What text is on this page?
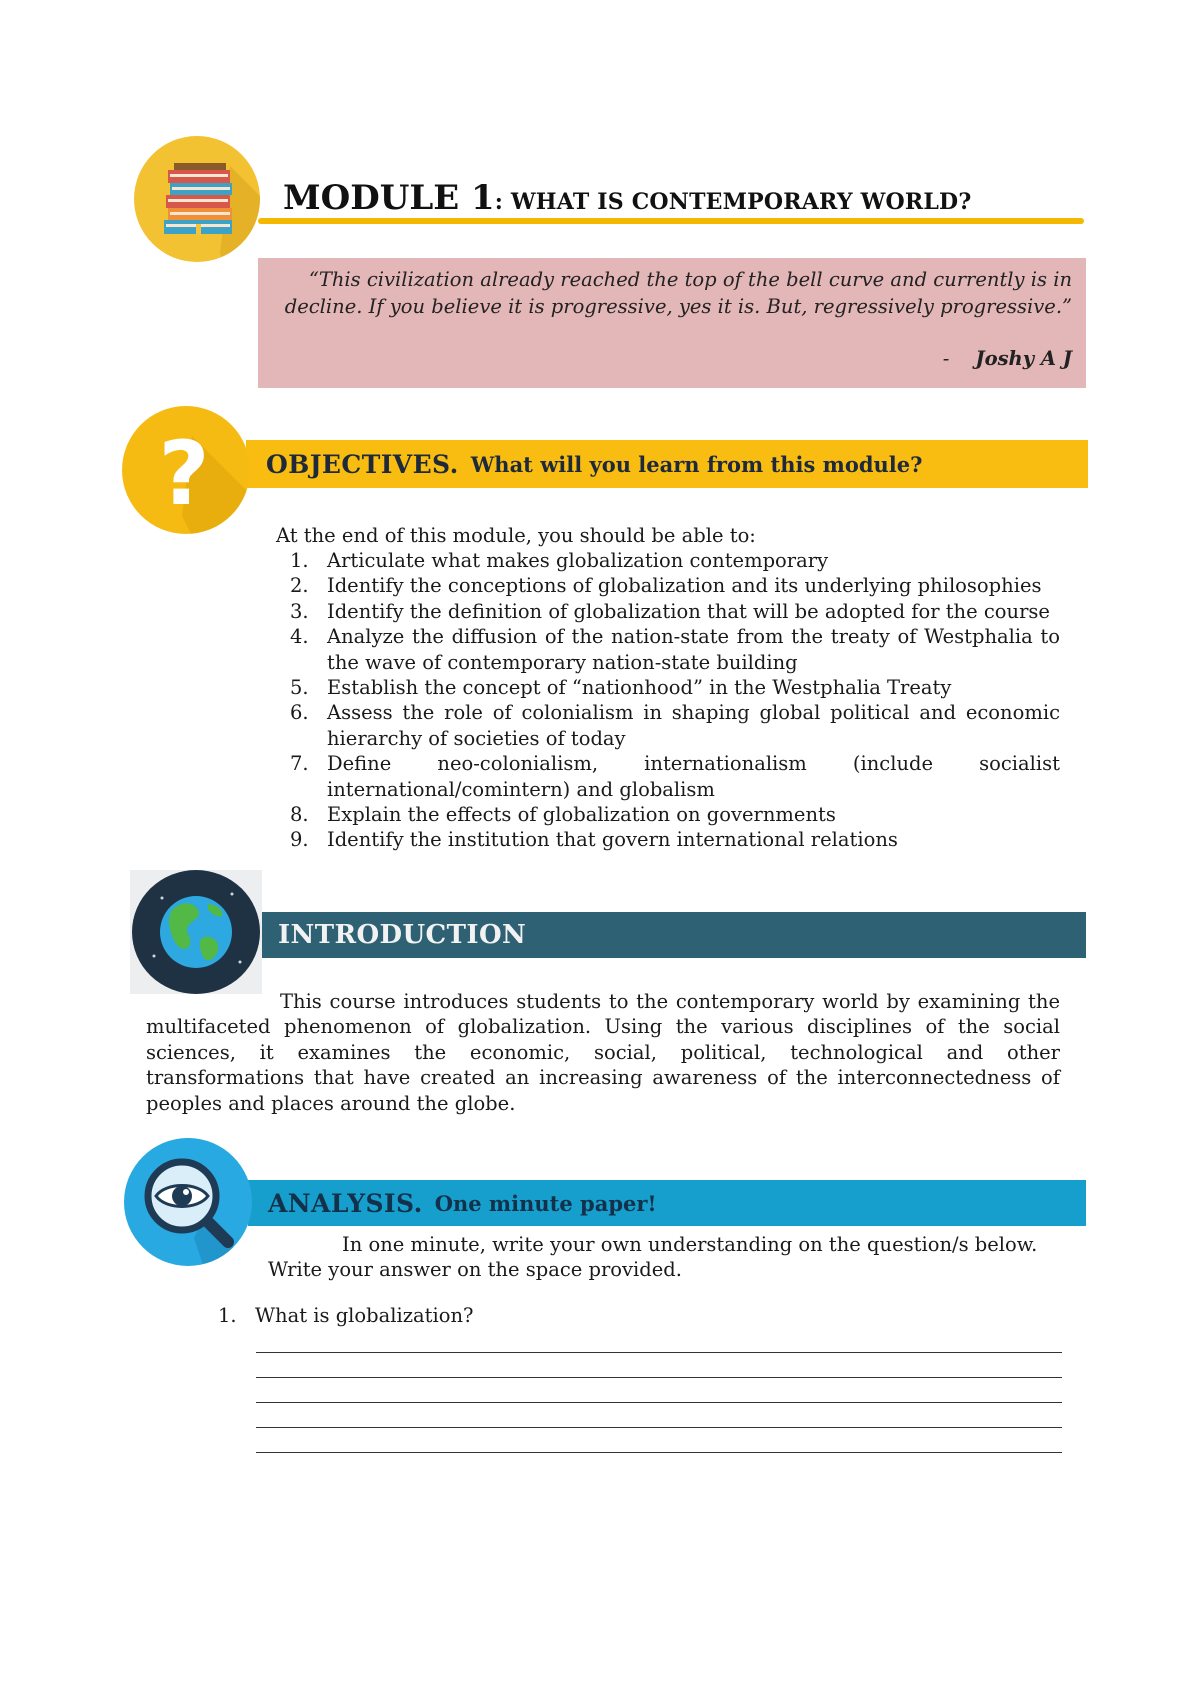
MODULE 1: WHAT IS CONTEMPORARY WORLD?
“This civilization already reached the top of the bell curve and currently is in decline. If you believe it is progressive, yes it is. But, regressively progressive.”
- Joshy A J
OBJECTIVES. What will you learn from this module?
?
At the end of this module, you should be able to:
1. Articulate what makes globalization contemporary
2. Identify the conceptions of globalization and its underlying philosophies
3. Identify the definition of globalization that will be adopted for the course
4. Analyze the diffusion of the nation-state from the treaty of Westphalia to the wave of contemporary nation-state building
5. Establish the concept of “nationhood” in the Westphalia Treaty
6. Assess the role of colonialism in shaping global political and economic hierarchy of societies of today
7. Define neo-colonialism, internationalism (include socialist international/comintern) and globalism
8. Explain the effects of globalization on governments
9. Identify the institution that govern international relations
INTRODUCTION
This course introduces students to the contemporary world by examining the multifaceted phenomenon of globalization. Using the various disciplines of the social sciences, it examines the economic, social, political, technological and other transformations that have created an increasing awareness of the interconnectedness of peoples and places around the globe.
ANALYSIS. One minute paper!
In one minute, write your own understanding on the question/s below.
Write your answer on the space provided.
1. What is globalization?
